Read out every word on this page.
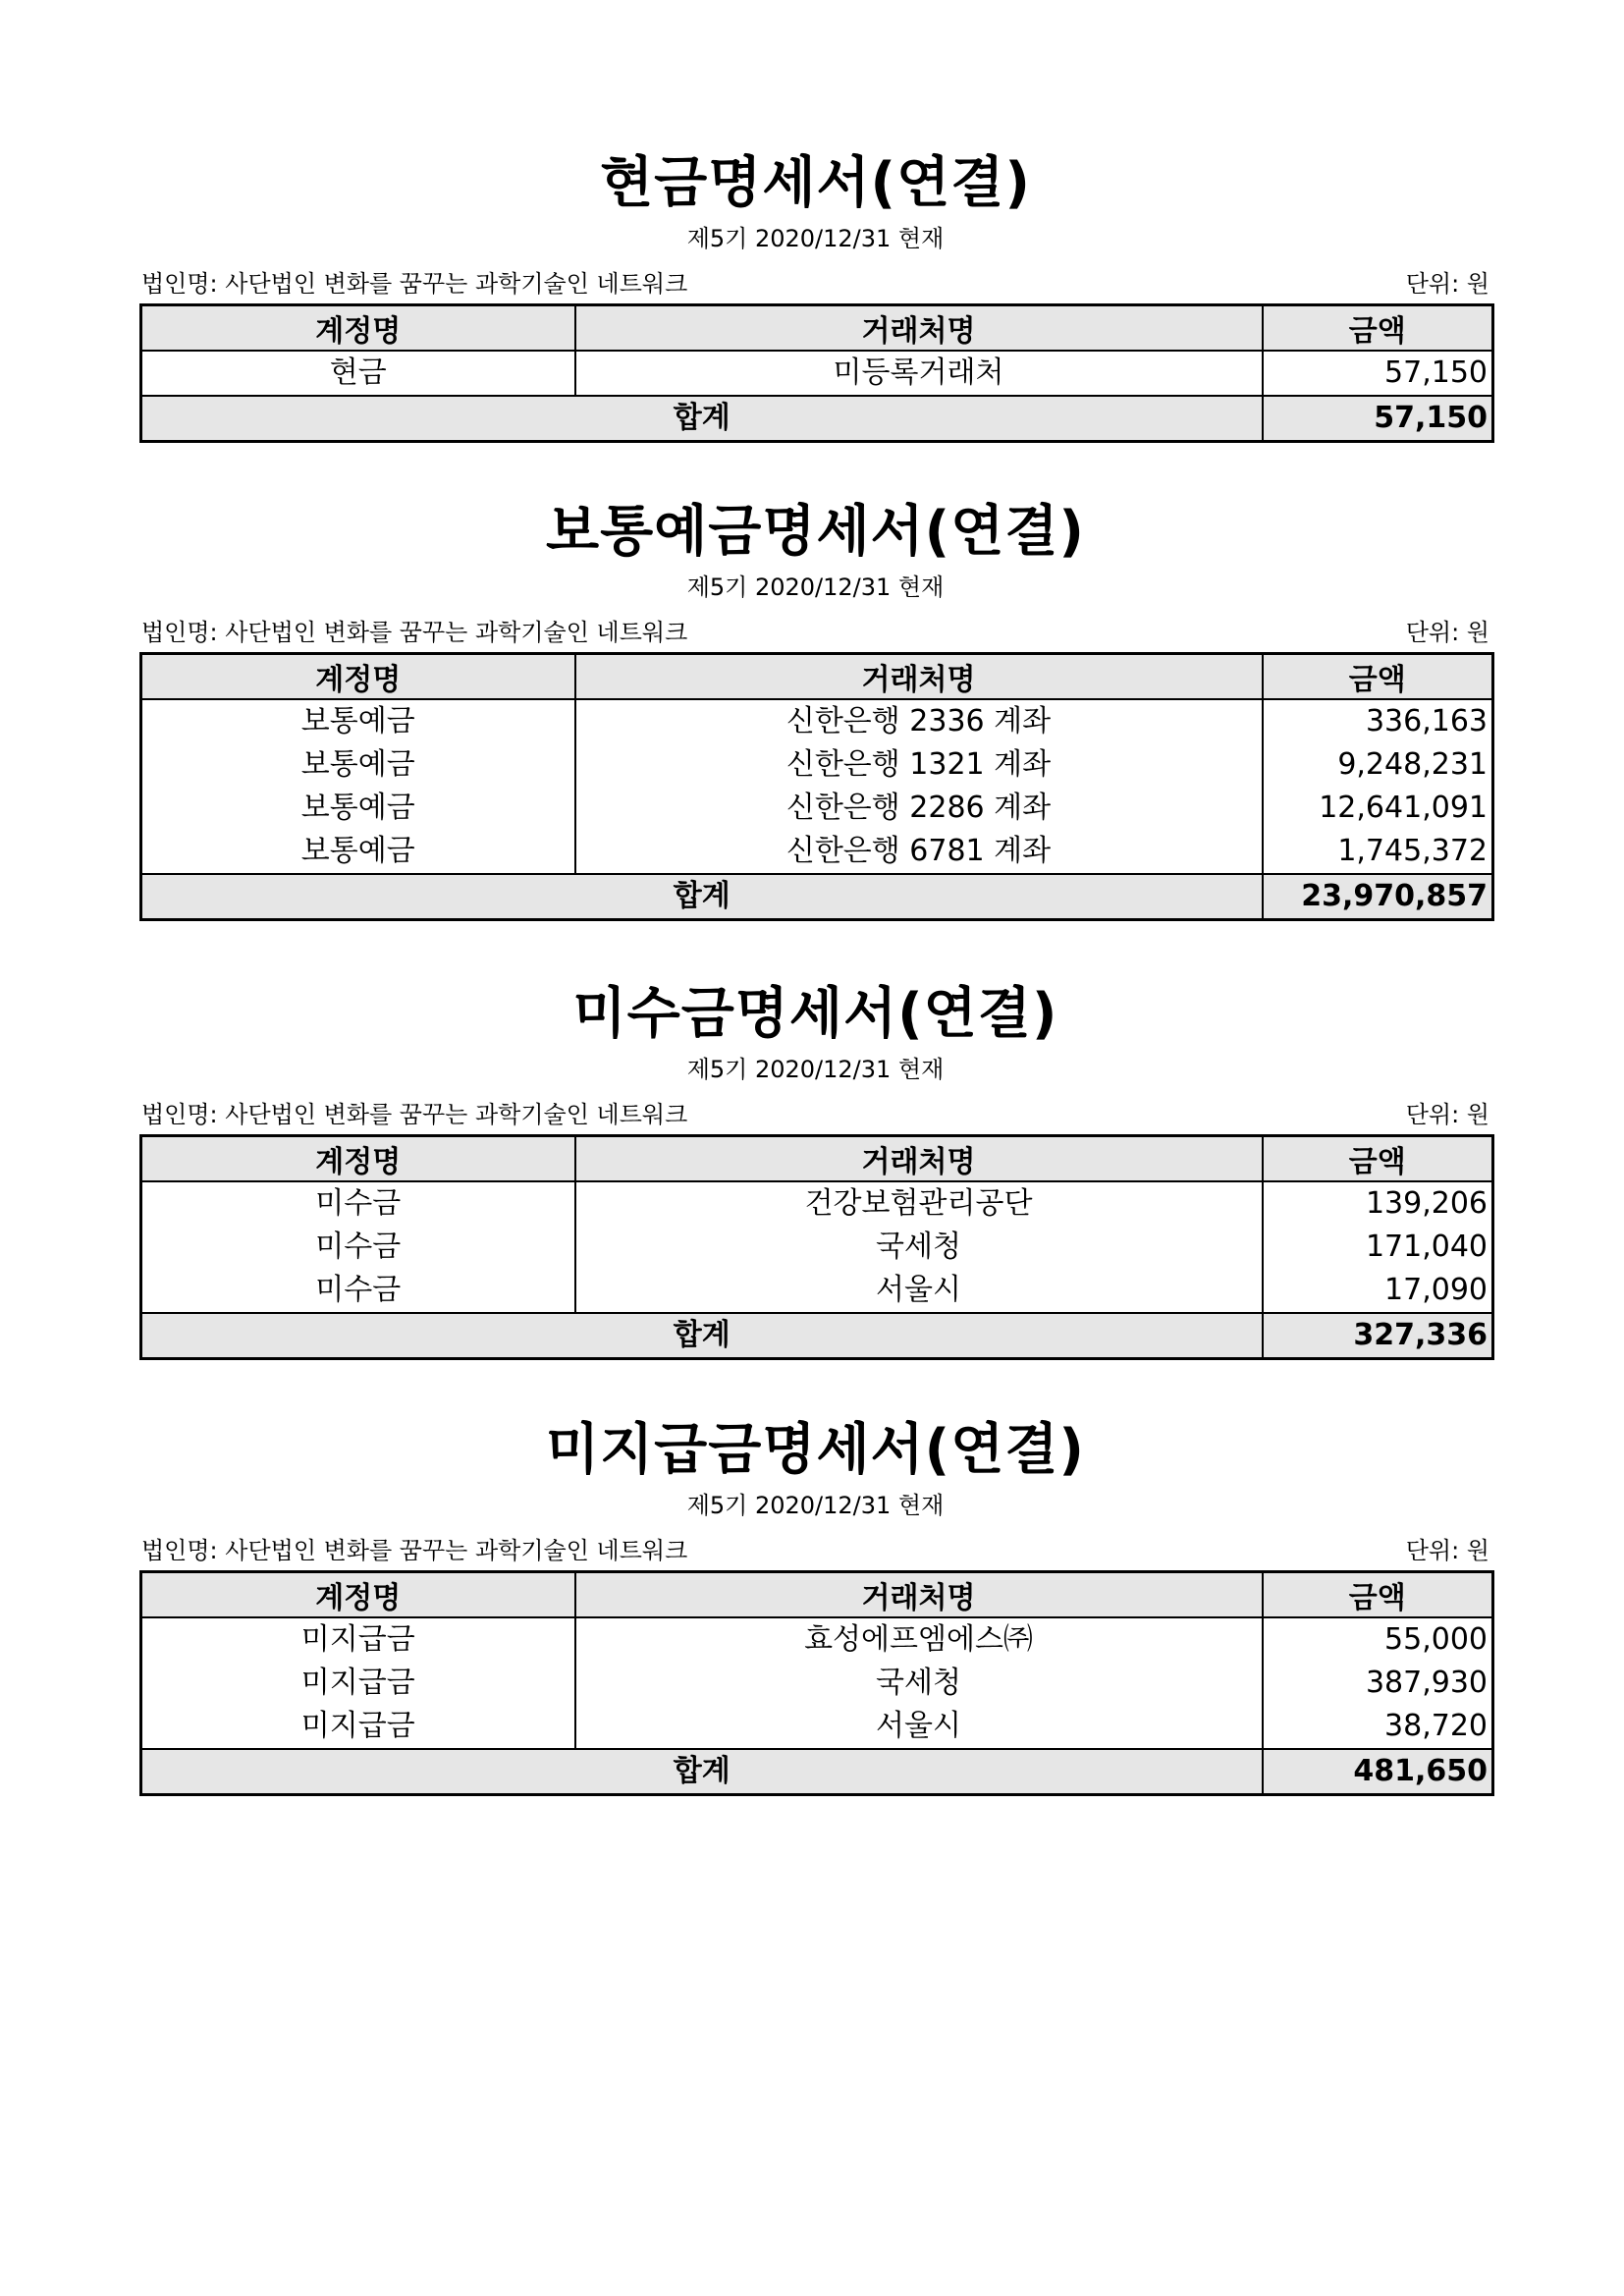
현금명세서(연결)
제5기 2020/12/31 현재
법인명: 사단법인 변화를 꿈꾸는 과학기술인 네트워크	단위: 원
계정명	거래처명	금액
현금	미등록거래처	57,150
합계		57,150
보통예금명세서(연결)
제5기 2020/12/31 현재
법인명: 사단법인 변화를 꿈꾸는 과학기술인 네트워크	단위: 원
계정명	거래처명	금액
보통예금	신한은행 2336 계좌	336,163
보통예금	신한은행 1321 계좌	9,248,231
보통예금	신한은행 2286 계좌	12,641,091
보통예금	신한은행 6781 계좌	1,745,372
합계		23,970,857
미수금명세서(연결)
제5기 2020/12/31 현재
법인명: 사단법인 변화를 꿈꾸는 과학기술인 네트워크	단위: 원
계정명	거래처명	금액
미수금	건강보험관리공단	139,206
미수금	국세청	171,040
미수금	서울시	17,090
합계		327,336
미지급금명세서(연결)
제5기 2020/12/31 현재
법인명: 사단법인 변화를 꿈꾸는 과학기술인 네트워크	단위: 원
계정명	거래처명	금액
미지급금	효성에프엠에스㈜	55,000
미지급금	국세청	387,930
미지급금	서울시	38,720
합계		481,650
